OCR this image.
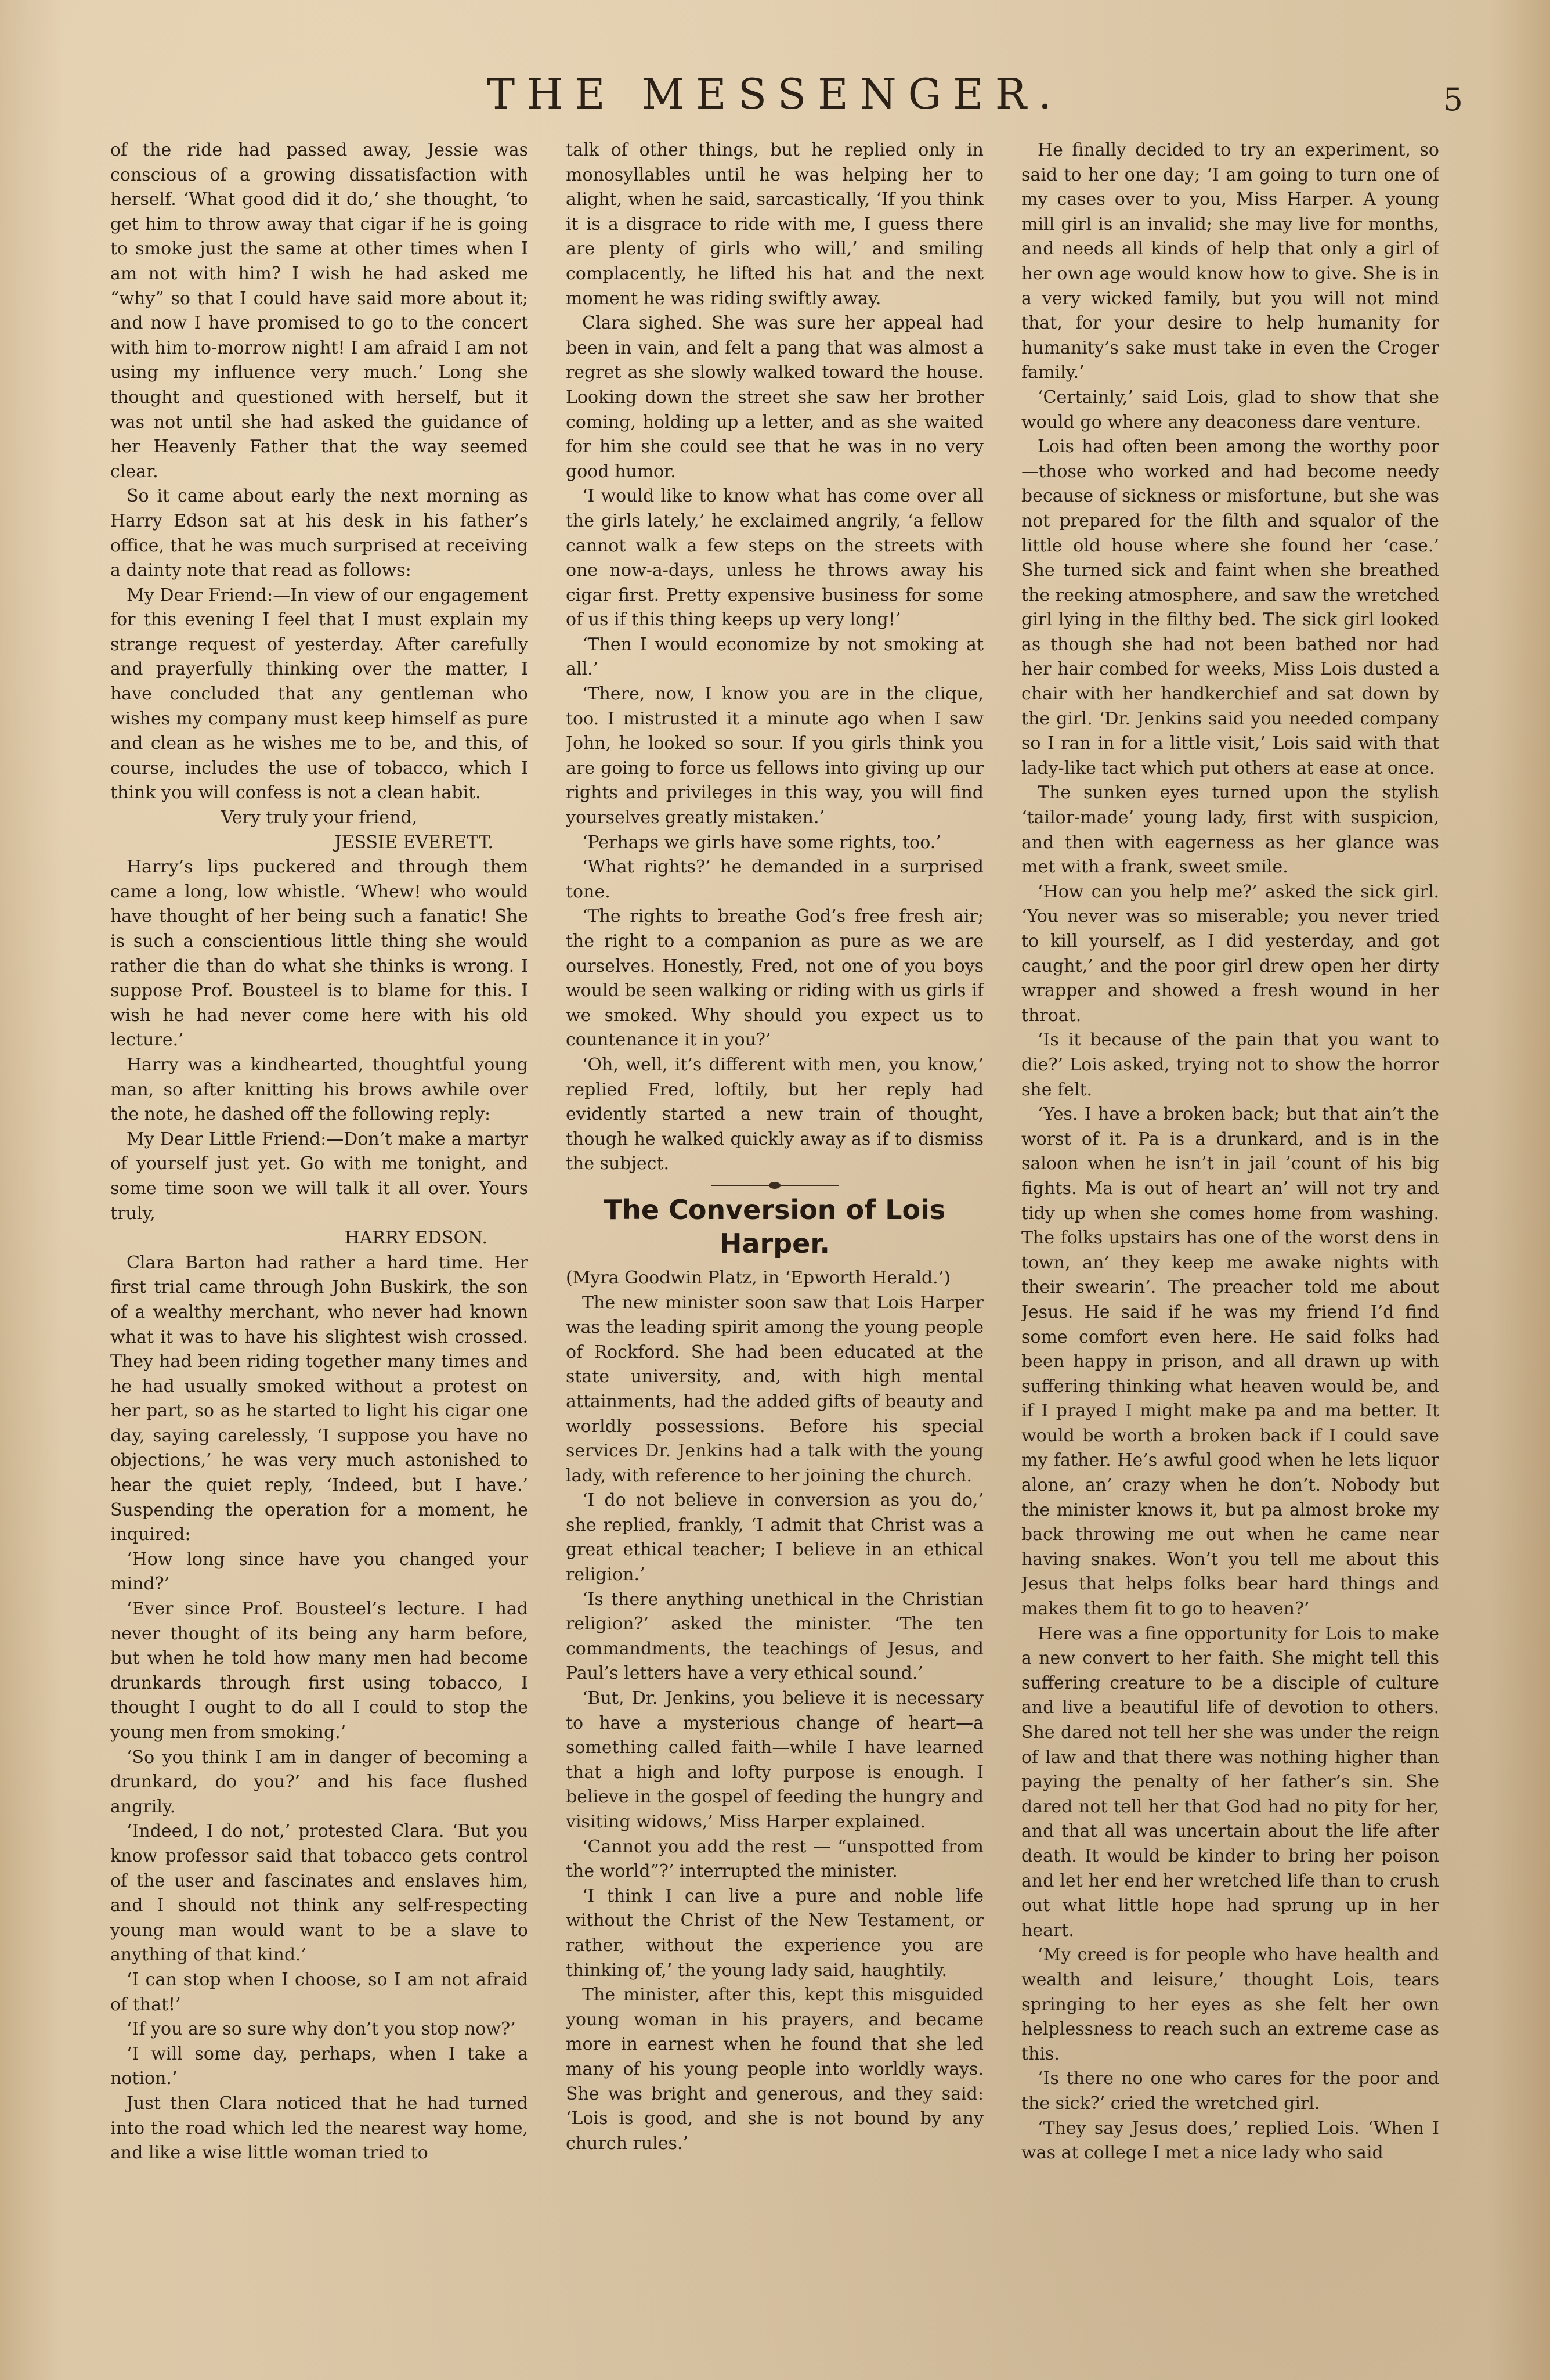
THE MESSENGER.	5

of the ride had passed away, Jessie was conscious of a growing dissatisfaction with herself. ‘What good did it do,’ she thought, ‘to get him to throw away that cigar if he is going to smoke just the same at other times when I am not with him? I wish he had asked me “why” so that I could have said more about it; and now I have promised to go to the concert with him to-morrow night! I am afraid I am not using my influence very much.’ Long she thought and questioned with herself, but it was not until she had asked the guidance of her Heavenly Father that the way seemed clear.

So it came about early the next morning as Harry Edson sat at his desk in his father’s office, that he was much surprised at receiving a dainty note that read as follows:

My Dear Friend:—In view of our engagement for this evening I feel that I must explain my strange request of yesterday. After carefully and prayerfully thinking over the matter, I have concluded that any gentleman who wishes my company must keep himself as pure and clean as he wishes me to be, and this, of course, includes the use of tobacco, which I think you will confess is not a clean habit.

Very truly your friend,

JESSIE EVERETT.

Harry’s lips puckered and through them came a long, low whistle. ‘Whew! who would have thought of her being such a fanatic! She is such a conscientious little thing she would rather die than do what she thinks is wrong. I suppose Prof. Bousteel is to blame for this. I wish he had never come here with his old lecture.’

Harry was a kindhearted, thoughtful young man, so after knitting his brows awhile over the note, he dashed off the following reply:

My Dear Little Friend:—Don’t make a martyr of yourself just yet. Go with me tonight, and some time soon we will talk it all over. Yours truly,

HARRY EDSON.

Clara Barton had rather a hard time. Her first trial came through John Buskirk, the son of a wealthy merchant, who never had known what it was to have his slightest wish crossed. They had been riding together many times and he had usually smoked without a protest on her part, so as he started to light his cigar one day, saying carelessly, ‘I suppose you have no objections,’ he was very much astonished to hear the quiet reply, ‘Indeed, but I have.’ Suspending the operation for a moment, he inquired:

‘How long since have you changed your mind?’

‘Ever since Prof. Bousteel’s lecture. I had never thought of its being any harm before, but when he told how many men had become drunkards through first using tobacco, I thought I ought to do all I could to stop the young men from smoking.’

‘So you think I am in danger of becoming a drunkard, do you?’ and his face flushed angrily.

‘Indeed, I do not,’ protested Clara. ‘But you know professor said that tobacco gets control of the user and fascinates and enslaves him, and I should not think any self-respecting young man would want to be a slave to anything of that kind.’

‘I can stop when I choose, so I am not afraid of that!’

‘If you are so sure why don’t you stop now?’

‘I will some day, perhaps, when I take a notion.’

Just then Clara noticed that he had turned into the road which led the nearest way home, and like a wise little woman tried to

talk of other things, but he replied only in monosyllables until he was helping her to alight, when he said, sarcastically, ‘If you think it is a disgrace to ride with me, I guess there are plenty of girls who will,’ and smiling complacently, he lifted his hat and the next moment he was riding swiftly away.

Clara sighed. She was sure her appeal had been in vain, and felt a pang that was almost a regret as she slowly walked toward the house. Looking down the street she saw her brother coming, holding up a letter, and as she waited for him she could see that he was in no very good humor.

‘I would like to know what has come over all the girls lately,’ he exclaimed angrily, ‘a fellow cannot walk a few steps on the streets with one now-a-days, unless he throws away his cigar first. Pretty expensive business for some of us if this thing keeps up very long!’

‘Then I would economize by not smoking at all.’

‘There, now, I know you are in the clique, too. I mistrusted it a minute ago when I saw John, he looked so sour. If you girls think you are going to force us fellows into giving up our rights and privileges in this way, you will find yourselves greatly mistaken.’

‘Perhaps we girls have some rights, too.’

‘What rights?’ he demanded in a surprised tone.

‘The rights to breathe God’s free fresh air; the right to a companion as pure as we are ourselves. Honestly, Fred, not one of you boys would be seen walking or riding with us girls if we smoked. Why should you expect us to countenance it in you?’

‘Oh, well, it’s different with men, you know,’ replied Fred, loftily, but her reply had evidently started a new train of thought, though he walked quickly away as if to dismiss the subject.

The Conversion of Lois
Harper.

(Myra Goodwin Platz, in ‘Epworth Herald.’)

The new minister soon saw that Lois Harper was the leading spirit among the young people of Rockford. She had been educated at the state university, and, with high mental attainments, had the added gifts of beauty and worldly possessions. Before his special services Dr. Jenkins had a talk with the young lady, with reference to her joining the church.

‘I do not believe in conversion as you do,’ she replied, frankly, ‘I admit that Christ was a great ethical teacher; I believe in an ethical religion.’

‘Is there anything unethical in the Christian religion?’ asked the minister. ‘The ten commandments, the teachings of Jesus, and Paul’s letters have a very ethical sound.’

‘But, Dr. Jenkins, you believe it is necessary to have a mysterious change of heart—a something called faith—while I have learned that a high and lofty purpose is enough. I believe in the gospel of feeding the hungry and visiting widows,’ Miss Harper explained.

‘Cannot you add the rest — “unspotted from the world”?’ interrupted the minister.

‘I think I can live a pure and noble life without the Christ of the New Testament, or rather, without the experience you are thinking of,’ the young lady said, haughtily.

The minister, after this, kept this misguided young woman in his prayers, and became more in earnest when he found that she led many of his young people into worldly ways. She was bright and generous, and they said: ‘Lois is good, and she is not bound by any church rules.’

He finally decided to try an experiment, so said to her one day; ‘I am going to turn one of my cases over to you, Miss Harper. A young mill girl is an invalid; she may live for months, and needs all kinds of help that only a girl of her own age would know how to give. She is in a very wicked family, but you will not mind that, for your desire to help humanity for humanity’s sake must take in even the Croger family.’

‘Certainly,’ said Lois, glad to show that she would go where any deaconess dare venture.

Lois had often been among the worthy poor—those who worked and had become needy because of sickness or misfortune, but she was not prepared for the filth and squalor of the little old house where she found her ‘case.’ She turned sick and faint when she breathed the reeking atmosphere, and saw the wretched girl lying in the filthy bed. The sick girl looked as though she had not been bathed nor had her hair combed for weeks, Miss Lois dusted a chair with her handkerchief and sat down by the girl. ‘Dr. Jenkins said you needed company so I ran in for a little visit,’ Lois said with that lady-like tact which put others at ease at once.

The sunken eyes turned upon the stylish ‘tailor-made’ young lady, first with suspicion, and then with eagerness as her glance was met with a frank, sweet smile.

‘How can you help me?’ asked the sick girl. ‘You never was so miserable; you never tried to kill yourself, as I did yesterday, and got caught,’ and the poor girl drew open her dirty wrapper and showed a fresh wound in her throat.

‘Is it because of the pain that you want to die?’ Lois asked, trying not to show the horror she felt.

‘Yes. I have a broken back; but that ain’t the worst of it. Pa is a drunkard, and is in the saloon when he isn’t in jail ’count of his big fights. Ma is out of heart an’ will not try and tidy up when she comes home from washing. The folks upstairs has one of the worst dens in town, an’ they keep me awake nights with their swearin’. The preacher told me about Jesus. He said if he was my friend I’d find some comfort even here. He said folks had been happy in prison, and all drawn up with suffering thinking what heaven would be, and if I prayed I might make pa and ma better. It would be worth a broken back if I could save my father. He’s awful good when he lets liquor alone, an’ crazy when he don’t. Nobody but the minister knows it, but pa almost broke my back throwing me out when he came near having snakes. Won’t you tell me about this Jesus that helps folks bear hard things and makes them fit to go to heaven?’

Here was a fine opportunity for Lois to make a new convert to her faith. She might tell this suffering creature to be a disciple of culture and live a beautiful life of devotion to others. She dared not tell her she was under the reign of law and that there was nothing higher than paying the penalty of her father’s sin. She dared not tell her that God had no pity for her, and that all was uncertain about the life after death. It would be kinder to bring her poison and let her end her wretched life than to crush out what little hope had sprung up in her heart.

‘My creed is for people who have health and wealth and leisure,’ thought Lois, tears springing to her eyes as she felt her own helplessness to reach such an extreme case as this.

‘Is there no one who cares for the poor and the sick?’ cried the wretched girl.

‘They say Jesus does,’ replied Lois. ‘When I was at college I met a nice lady who said
